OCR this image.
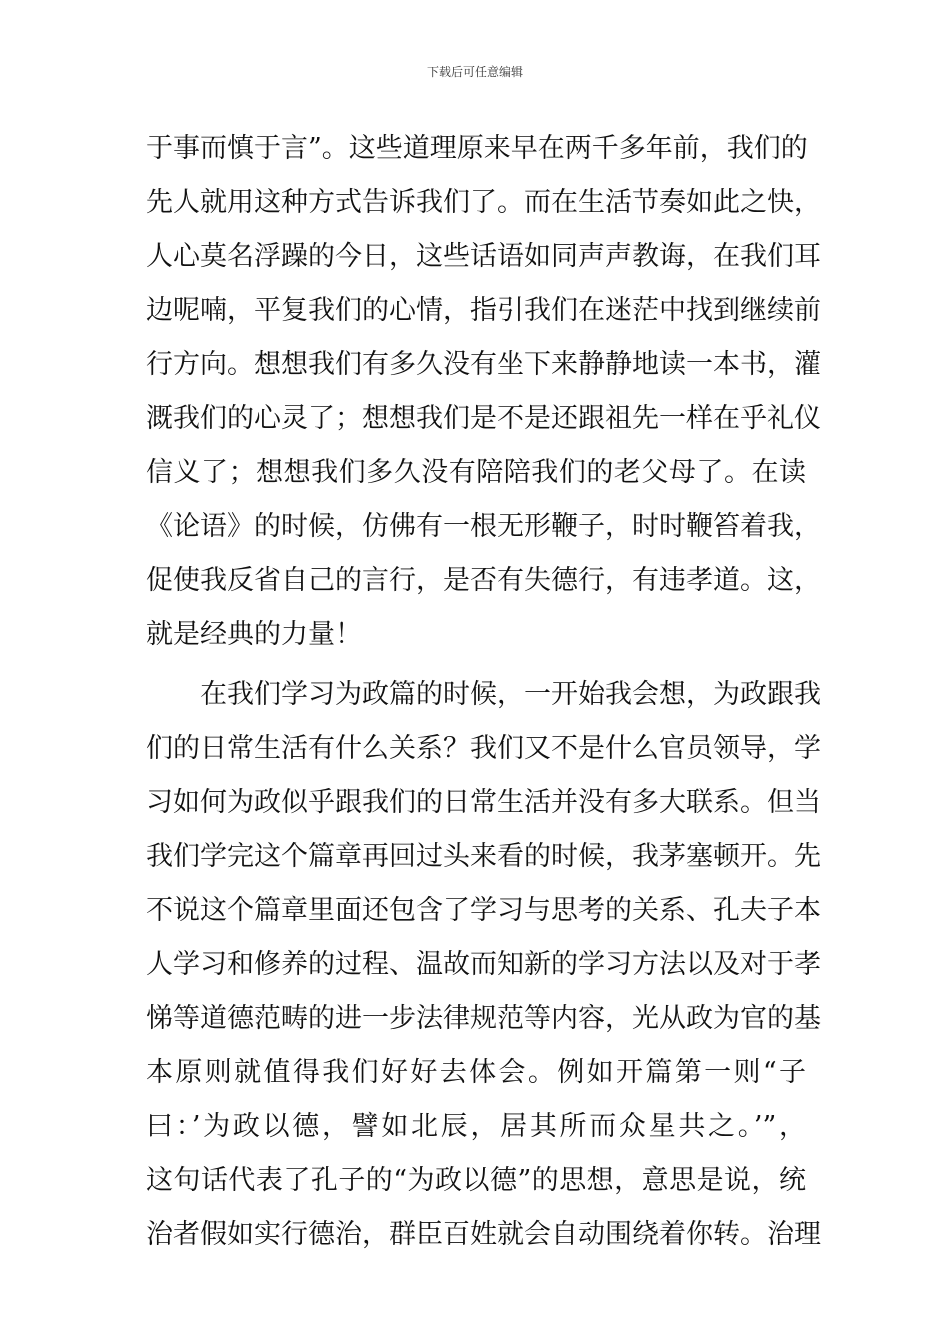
下载后可任意编辑
于事而慎于言”。这些道理原来早在两千多年前，我们的
先人就用这种方式告诉我们了。而在生活节奏如此之快，
人心莫名浮躁的今日，这些话语如同声声教诲，在我们耳
边呢喃，平复我们的心情，指引我们在迷茫中找到继续前
行方向。想想我们有多久没有坐下来静静地读一本书，灌
溉我们的心灵了；想想我们是不是还跟祖先一样在乎礼仪
信义了；想想我们多久没有陪陪我们的老父母了。在读
《论语》的时候，仿佛有一根无形鞭子，时时鞭笞着我，
促使我反省自己的言行，是否有失德行，有违孝道。这，
就是经典的力量！
在我们学习为政篇的时候，一开始我会想，为政跟我
们的日常生活有什么关系？我们又不是什么官员领导，学
习如何为政似乎跟我们的日常生活并没有多大联系。但当
我们学完这个篇章再回过头来看的时候，我茅塞顿开。先
不说这个篇章里面还包含了学习与思考的关系、孔夫子本
人学习和修养的过程、温故而知新的学习方法以及对于孝
悌等道德范畴的进一步法律规范等内容，光从政为官的基
本原则就值得我们好好去体会。例如开篇第一则“子
曰：’为政以德，譬如北辰，居其所而众星共之。’”，
这句话代表了孔子的“为政以德”的思想，意思是说，统
治者假如实行德治，群臣百姓就会自动围绕着你转。治理
